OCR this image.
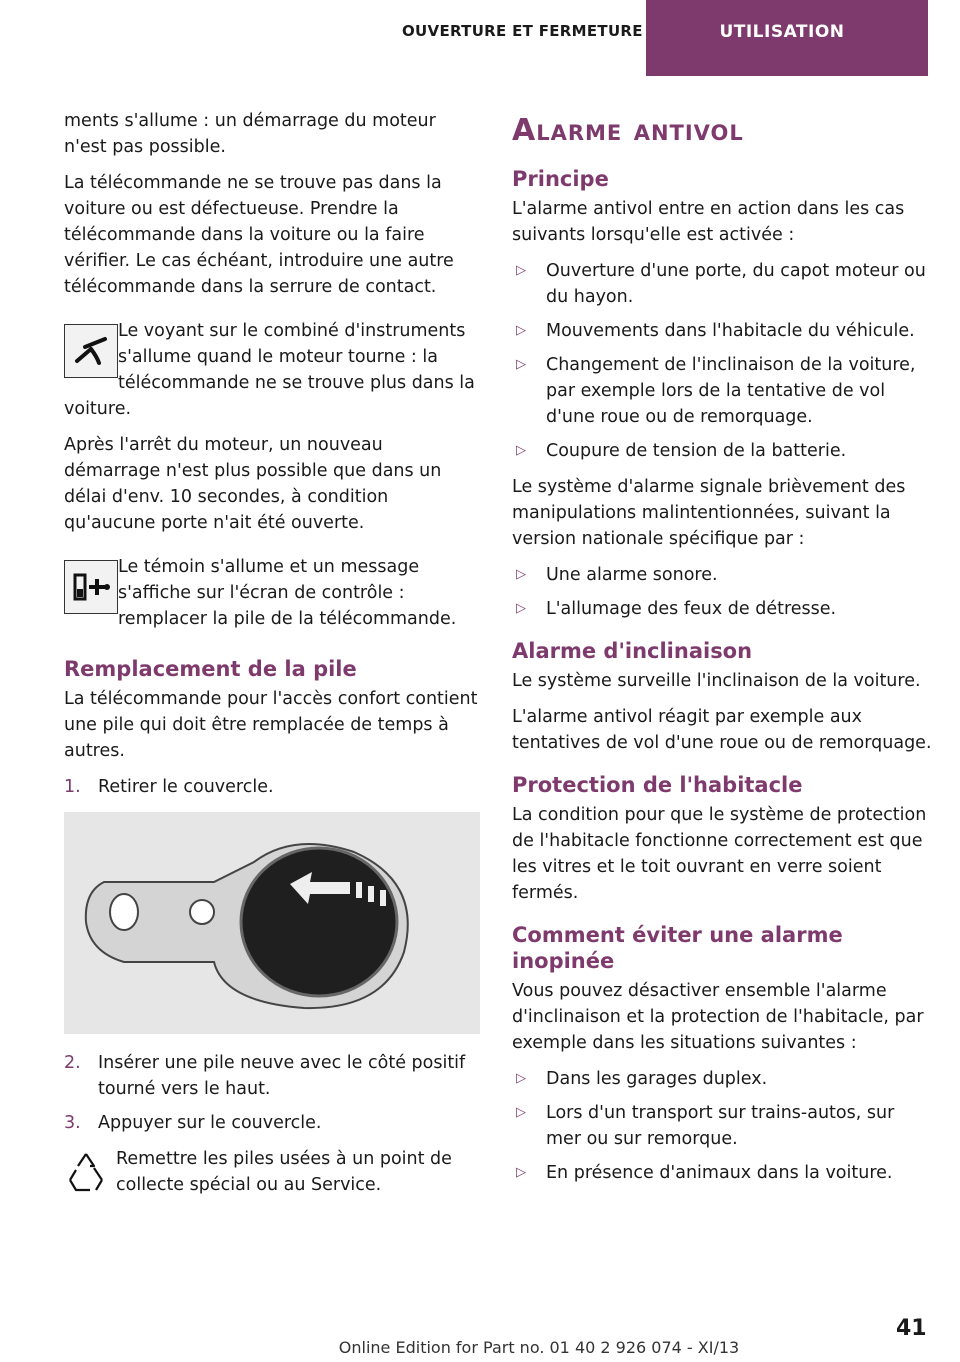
OUVERTURE ET FERMETURE	UTILISATION

ments s'allume : un démarrage du moteur n'est pas possible.

La télécommande ne se trouve pas dans la voiture ou est défectueuse. Prendre la télécommande dans la voiture ou la faire vérifier. Le cas échéant, introduire une autre télécommande dans la serrure de contact.

Le voyant sur le combiné d'instruments s'allume quand le moteur tourne : la télécommande ne se trouve plus dans la
voiture.

Après l'arrêt du moteur, un nouveau démarrage n'est plus possible que dans un délai d'env. 10 secondes, à condition qu'aucune porte n'ait été ouverte.

Le témoin s'allume et un message s'affiche sur l'écran de contrôle : remplacer la pile de la télécommande.
Remplacement de la pile

La télécommande pour l'accès confort contient une pile qui doit être remplacée de temps à autres.

1. Retirer le couvercle.
2. Insérer une pile neuve avec le côté positif tourné vers le haut.
3. Appuyer sur le couvercle.
Remettre les piles usées à un point de collecte spécial ou au Service.
Alarme antivol
Principe

L'alarme antivol entre en action dans les cas suivants lorsqu'elle est activée :

▷ Ouverture d'une porte, du capot moteur ou du hayon.
▷ Mouvements dans l'habitacle du véhicule.
▷ Changement de l'inclinaison de la voiture, par exemple lors de la tentative de vol d'une roue ou de remorquage.
▷ Coupure de tension de la batterie.

Le système d'alarme signale brièvement des manipulations malintentionnées, suivant la version nationale spécifique par :

▷ Une alarme sonore.
▷ L'allumage des feux de détresse.
Alarme d'inclinaison

Le système surveille l'inclinaison de la voiture.

L'alarme antivol réagit par exemple aux tentatives de vol d'une roue ou de remorquage.

Protection de l'habitacle

La condition pour que le système de protection de l'habitacle fonctionne correctement est que les vitres et le toit ouvrant en verre soient fermés.

Comment éviter une alarme inopinée

Vous pouvez désactiver ensemble l'alarme d'inclinaison et la protection de l'habitacle, par exemple dans les situations suivantes :

▷ Dans les garages duplex.
▷ Lors d'un transport sur trains-autos, sur mer ou sur remorque.
▷ En présence d'animaux dans la voiture.
41
Online Edition for Part no. 01 40 2 926 074 - XI/13
